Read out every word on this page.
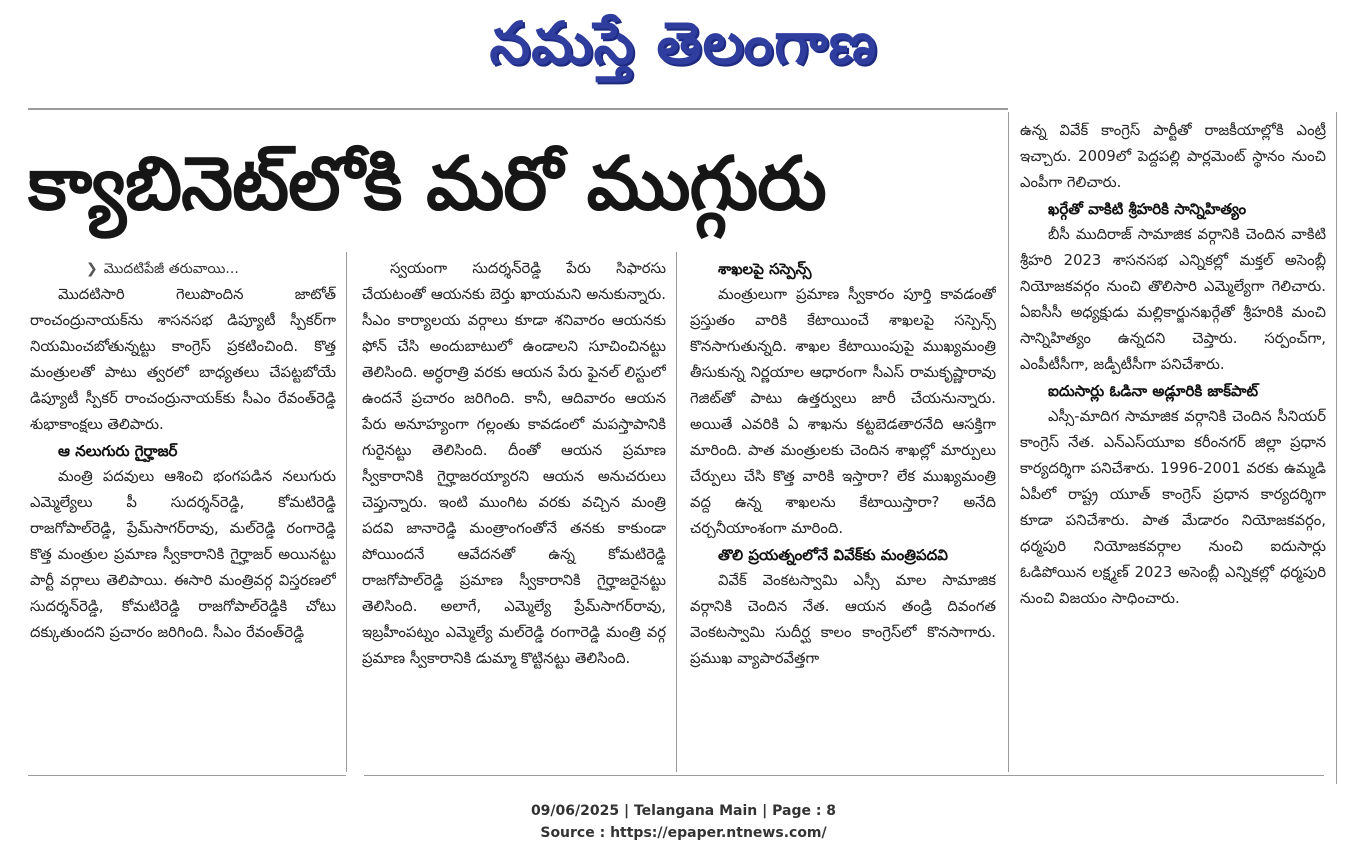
నమస్తే తెలంగాణ
క్యాబినెట్‌లోకి మరో ముగ్గురు

❯ మొదటిపేజీ తరువాయి...

మొదటిసారి గెలుపొందిన జాటోత్ రాంచంద్రునాయక్‌ను శాసనసభ డిప్యూటీ స్పీకర్‌గా నియమించబోతున్నట్టు కాంగ్రెస్ ప్రకటించింది. కొత్త మంత్రులతో పాటు త్వరలో బాధ్యతలు చేపట్టబోయే డిప్యూటీ స్పీకర్ రాంచంద్రునాయక్‌కు సీఎం రేవంత్‌రెడ్డి శుభాకాంక్షలు తెలిపారు.

ఆ నలుగురు గైర్హాజర్

మంత్రి పదవులు ఆశించి భంగపడిన నలుగురు ఎమ్మెల్యేలు పీ సుదర్శన్‌రెడ్డి, కోమటిరెడ్డి రాజగోపాల్‌రెడ్డి, ప్రేమ్‌సాగర్‌రావు, మల్‌రెడ్డి రంగారెడ్డి కొత్త మంత్రుల ప్రమాణ స్వీకారానికి గైర్హాజర్ అయినట్టు పార్టీ వర్గాలు తెలిపాయి. ఈసారి మంత్రివర్గ విస్తరణలో సుదర్శన్‌రెడ్డి, కోమటిరెడ్డి రాజగోపాల్‌రెడ్డికి చోటు దక్కుతుందని ప్రచారం జరిగింది. సీఎం రేవంత్‌రెడ్డి

స్వయంగా సుదర్శన్‌రెడ్డి పేరు సిఫారసు చేయటంతో ఆయనకు బెర్తు ఖాయమని అనుకున్నారు. సీఎం కార్యాలయ వర్గాలు కూడా శనివారం ఆయనకు ఫోన్ చేసి అందుబాటులో ఉండాలని సూచించినట్టు తెలిసింది. అర్ధరాత్రి వరకు ఆయన పేరు ఫైనల్ లిస్టులో ఉందనే ప్రచారం జరిగింది. కానీ, ఆదివారం ఆయన పేరు అనూహ్యంగా గల్లంతు కావడంలో మపస్తాపానికి గురైనట్టు తెలిసింది. దీంతో ఆయన ప్రమాణ స్వీకారానికి గైర్హాజరయ్యారని ఆయన అనుచరులు చెప్తున్నారు. ఇంటి ముంగిట వరకు వచ్చిన మంత్రి పదవి జానారెడ్డి మంత్రాంగంతోనే తనకు కాకుండా పోయిందనే ఆవేదనతో ఉన్న కోమటిరెడ్డి రాజగోపాల్‌రెడ్డి ప్రమాణ స్వీకారానికి గైర్హాజరైనట్టు తెలిసింది. అలాగే, ఎమ్మెల్యే ప్రేమ్‌సాగర్‌రావు, ఇబ్రహీంపట్నం ఎమ్మెల్యే మల్‌రెడ్డి రంగారెడ్డి మంత్రి వర్గ ప్రమాణ స్వీకారానికి డుమ్మా కొట్టినట్టు తెలిసింది.

శాఖలపై సస్పెన్స్

మంత్రులుగా ప్రమాణ స్వీకారం పూర్తి కావడంతో ప్రస్తుతం వారికి కేటాయించే శాఖలపై సస్పెన్స్ కొనసాగుతున్నది. శాఖల కేటాయింపుపై ముఖ్యమంత్రి తీసుకున్న నిర్ణయాల ఆధారంగా సీఎస్ రామకృష్ణారావు గెజిట్‌తో పాటు ఉత్తర్వులు జారీ చేయనున్నారు. అయితే ఎవరికి ఏ శాఖను కట్టబెడతారనేది ఆసక్తిగా మారింది. పాత మంత్రులకు చెందిన శాఖల్లో మార్పులు చేర్పులు చేసి కొత్త వారికి ఇస్తారా? లేక ముఖ్యమంత్రి వద్ద ఉన్న శాఖలను కేటాయిస్తారా? అనేది చర్చనీయాంశంగా మారింది.

తొలి ప్రయత్నంలోనే వివేక్‌కు మంత్రిపదవి

వివేక్ వెంకటస్వామి ఎస్సీ మాల సామాజిక వర్గానికి చెందిన నేత. ఆయన తండ్రి దివంగత వెంకటస్వామి సుదీర్ఘ కాలం కాంగ్రెస్‌లో కొనసాగారు. ప్రముఖ వ్యాపారవేత్తగా

ఉన్న వివేక్ కాంగ్రెస్ పార్టీతో రాజకీయాల్లోకి ఎంట్రీ ఇచ్చారు. 2009లో పెద్దపల్లి పార్లమెంట్ స్థానం నుంచి ఎంపీగా గెలిచారు.

ఖర్గేతో వాకిటి శ్రీహరికి సాన్నిహిత్యం

బీసీ ముదిరాజ్ సామాజిక వర్గానికి చెందిన వాకిటి శ్రీహరి 2023 శాసనసభ ఎన్నికల్లో మక్తల్ అసెంబ్లీ నియోజకవర్గం నుంచి తొలిసారి ఎమ్మెల్యేగా గెలిచారు. ఏఐసీసీ అధ్యక్షుడు మల్లికార్జునఖర్గేతో శ్రీహరికి మంచి సాన్నిహిత్యం ఉన్నదని చెప్తారు. సర్పంచ్‌గా, ఎంపీటీసీగా, జడ్పీటీసీగా పనిచేశారు.

ఐదుసార్లు ఓడినా అడ్లూరికి జాక్‌పాట్

ఎస్సీ-మాదిగ సామాజిక వర్గానికి చెందిన సీనియర్ కాంగ్రెస్ నేత. ఎన్ఎస్‌యూఐ కరీంనగర్ జిల్లా ప్రధాన కార్యదర్శిగా పనిచేశారు. 1996-2001 వరకు ఉమ్మడి ఏపీలో రాష్ట్ర యూత్ కాంగ్రెస్ ప్రధాన కార్యదర్శిగా కూడా పనిచేశారు. పాత మేడారం నియోజకవర్గం, ధర్మపురి నియోజకవర్గాల నుంచి ఐదుసార్లు ఓడిపోయిన లక్ష్మణ్ 2023 అసెంబ్లీ ఎన్నికల్లో ధర్మపురి నుంచి విజయం సాధించారు.

09/06/2025 | Telangana Main | Page : 8
Source : https://epaper.ntnews.com/
